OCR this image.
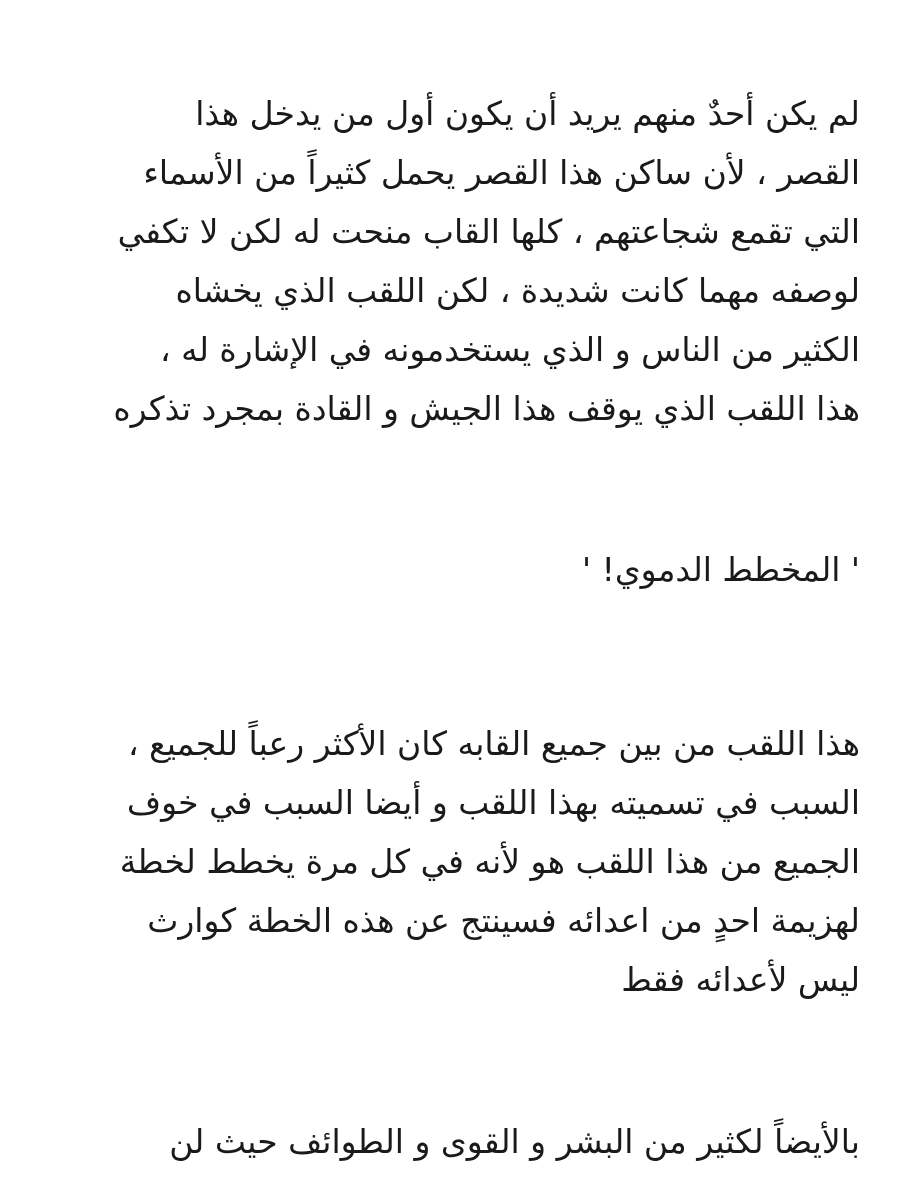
لم يكن أحدٌ منهم يريد أن يكون أول من يدخل هذا
القصر ، لأن ساكن هذا القصر يحمل كثيراً من الأسماء
التي تقمع شجاعتهم ، كلها القاب منحت له لكن لا تكفي
لوصفه مهما كانت شديدة ، لكن اللقب الذي يخشاه
الكثير من الناس و الذي يستخدمونه في الإشارة له ،
هذا اللقب الذي يوقف هذا الجيش و القادة بمجرد تذكره

' المخطط الدموي! '

هذا اللقب من بين جميع القابه كان الأكثر رعباً للجميع ،
السبب في تسميته بهذا اللقب و أيضا السبب في خوف
الجميع من هذا اللقب هو لأنه في كل مرة يخطط لخطة
لهزيمة احدٍ من اعدائه فسينتج عن هذه الخطة كوارث
ليس لأعدائه فقط

بالأيضاً لكثير من البشر و القوى و الطوائف حيث لن
